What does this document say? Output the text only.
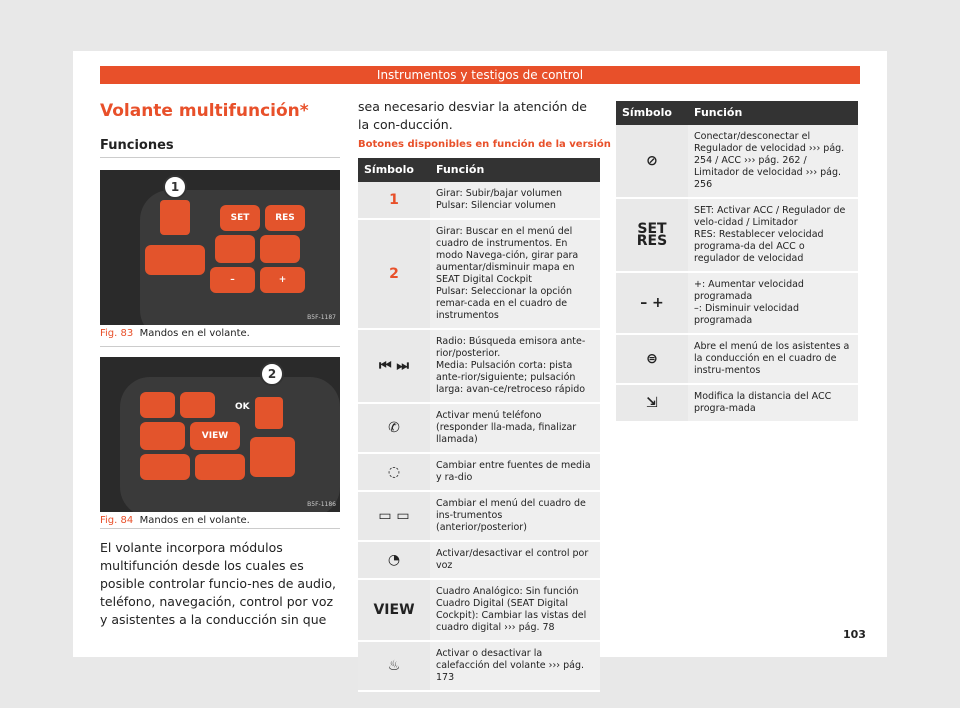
Instrumentos y testigos de control
Volante multifunción*
Funciones
SET	RES
–	+
1
B5F-1187
Fig. 83 Mandos en el volante.
VIEW
OK
2
B5F-1186
Fig. 84 Mandos en el volante.
El volante incorpora módulos multifunción desde los cuales es posible controlar funcio-nes de audio, teléfono, navegación, control por voz y asistentes a la conducción sin que
sea necesario desviar la atención de la con-ducción.
Botones disponibles en función de la versión
Símbolo	Función
1	Girar: Subir/bajar volumen
Pulsar: Silenciar volumen
2	Girar: Buscar en el menú del cuadro de instrumentos. En modo Navega-ción, girar para aumentar/disminuir mapa en SEAT Digital Cockpit
Pulsar: Seleccionar la opción remar-cada en el cuadro de instrumentos
⏮ ⏭	Radio: Búsqueda emisora ante-rior/posterior.
Media: Pulsación corta: pista ante-rior/siguiente; pulsación larga: avan-ce/retroceso rápido
✆	Activar menú teléfono (responder lla-mada, finalizar llamada)
◌	Cambiar entre fuentes de media y ra-dio
▭ ▭	Cambiar el menú del cuadro de ins-trumentos (anterior/posterior)
◔	Activar/desactivar el control por voz
VIEW	Cuadro Analógico: Sin función
Cuadro Digital (SEAT Digital Cockpit): Cambiar las vistas del cuadro digital ››› pág. 78
♨	Activar o desactivar la calefacción del volante ››› pág. 173
Símbolo	Función
⊘	Conectar/desconectar el Regulador de velocidad ››› pág. 254 / ACC ››› pág. 262 / Limitador de velocidad ››› pág. 256
SET RES	SET: Activar ACC / Regulador de velo-cidad / Limitador
RES: Restablecer velocidad programa-da del ACC o regulador de velocidad
– +	+: Aumentar velocidad programada
–: Disminuir velocidad programada
⊜	Abre el menú de los asistentes a la conducción en el cuadro de instru-mentos
⇲	Modifica la distancia del ACC progra-mada
103
